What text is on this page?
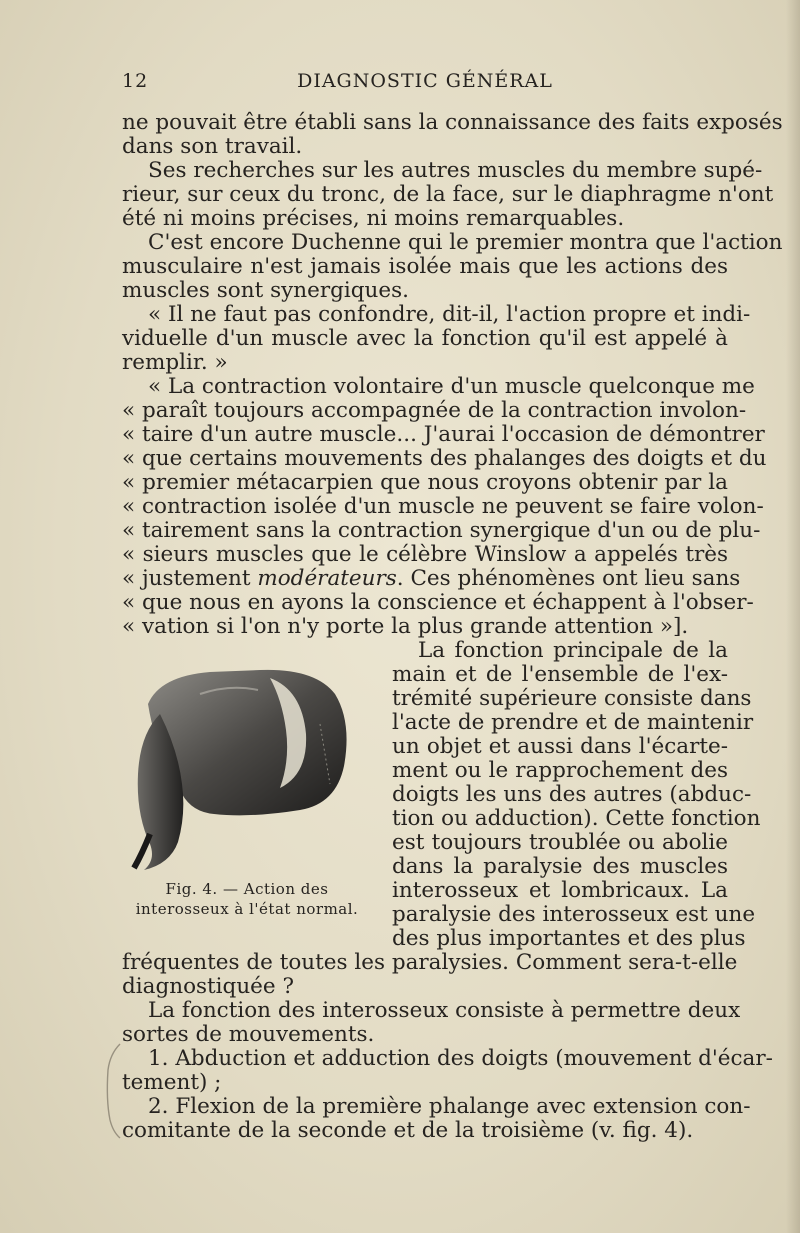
12	DIAGNOSTIC GÉNÉRAL
ne pouvait être établi sans la connaissance des faits exposés
dans son travail.
Ses recherches sur les autres muscles du membre supé-
rieur, sur ceux du tronc, de la face, sur le diaphragme n'ont
été ni moins précises, ni moins remarquables.
C'est encore Duchenne qui le premier montra que l'action
musculaire n'est jamais isolée mais que les actions des
muscles sont synergiques.
« Il ne faut pas confondre, dit-il, l'action propre et indi-
viduelle d'un muscle avec la fonction qu'il est appelé à
remplir. »
« La contraction volontaire d'un muscle quelconque me
« paraît toujours accompagnée de la contraction involon-
« taire d'un autre muscle... J'aurai l'occasion de démontrer
« que certains mouvements des phalanges des doigts et du
« premier métacarpien que nous croyons obtenir par la
« contraction isolée d'un muscle ne peuvent se faire volon-
« tairement sans la contraction synergique d'un ou de plu-
« sieurs muscles que le célèbre Winslow a appelés très
« justement modérateurs. Ces phénomènes ont lieu sans
« que nous en ayons la conscience et échappent à l'obser-
« vation si l'on n'y porte la plus grande attention »].
La fonction principale de la
main et de l'ensemble de l'ex-
trémité supérieure consiste dans
l'acte de prendre et de maintenir
un objet et aussi dans l'écarte-
ment ou le rapprochement des
doigts les uns des autres (abduc-
tion ou adduction). Cette fonction
est toujours troublée ou abolie
dans la paralysie des muscles
interosseux et lombricaux. La
paralysie des interosseux est une
des plus importantes et des plus
fréquentes de toutes les paralysies. Comment sera-t-elle
diagnostiquée ?
La fonction des interosseux consiste à permettre deux
sortes de mouvements.
1. Abduction et adduction des doigts (mouvement d'écar-
tement) ;
2. Flexion de la première phalange avec extension con-
comitante de la seconde et de la troisième (v. fig. 4).
Fig. 4. — Action des
interosseux à l'état normal.
